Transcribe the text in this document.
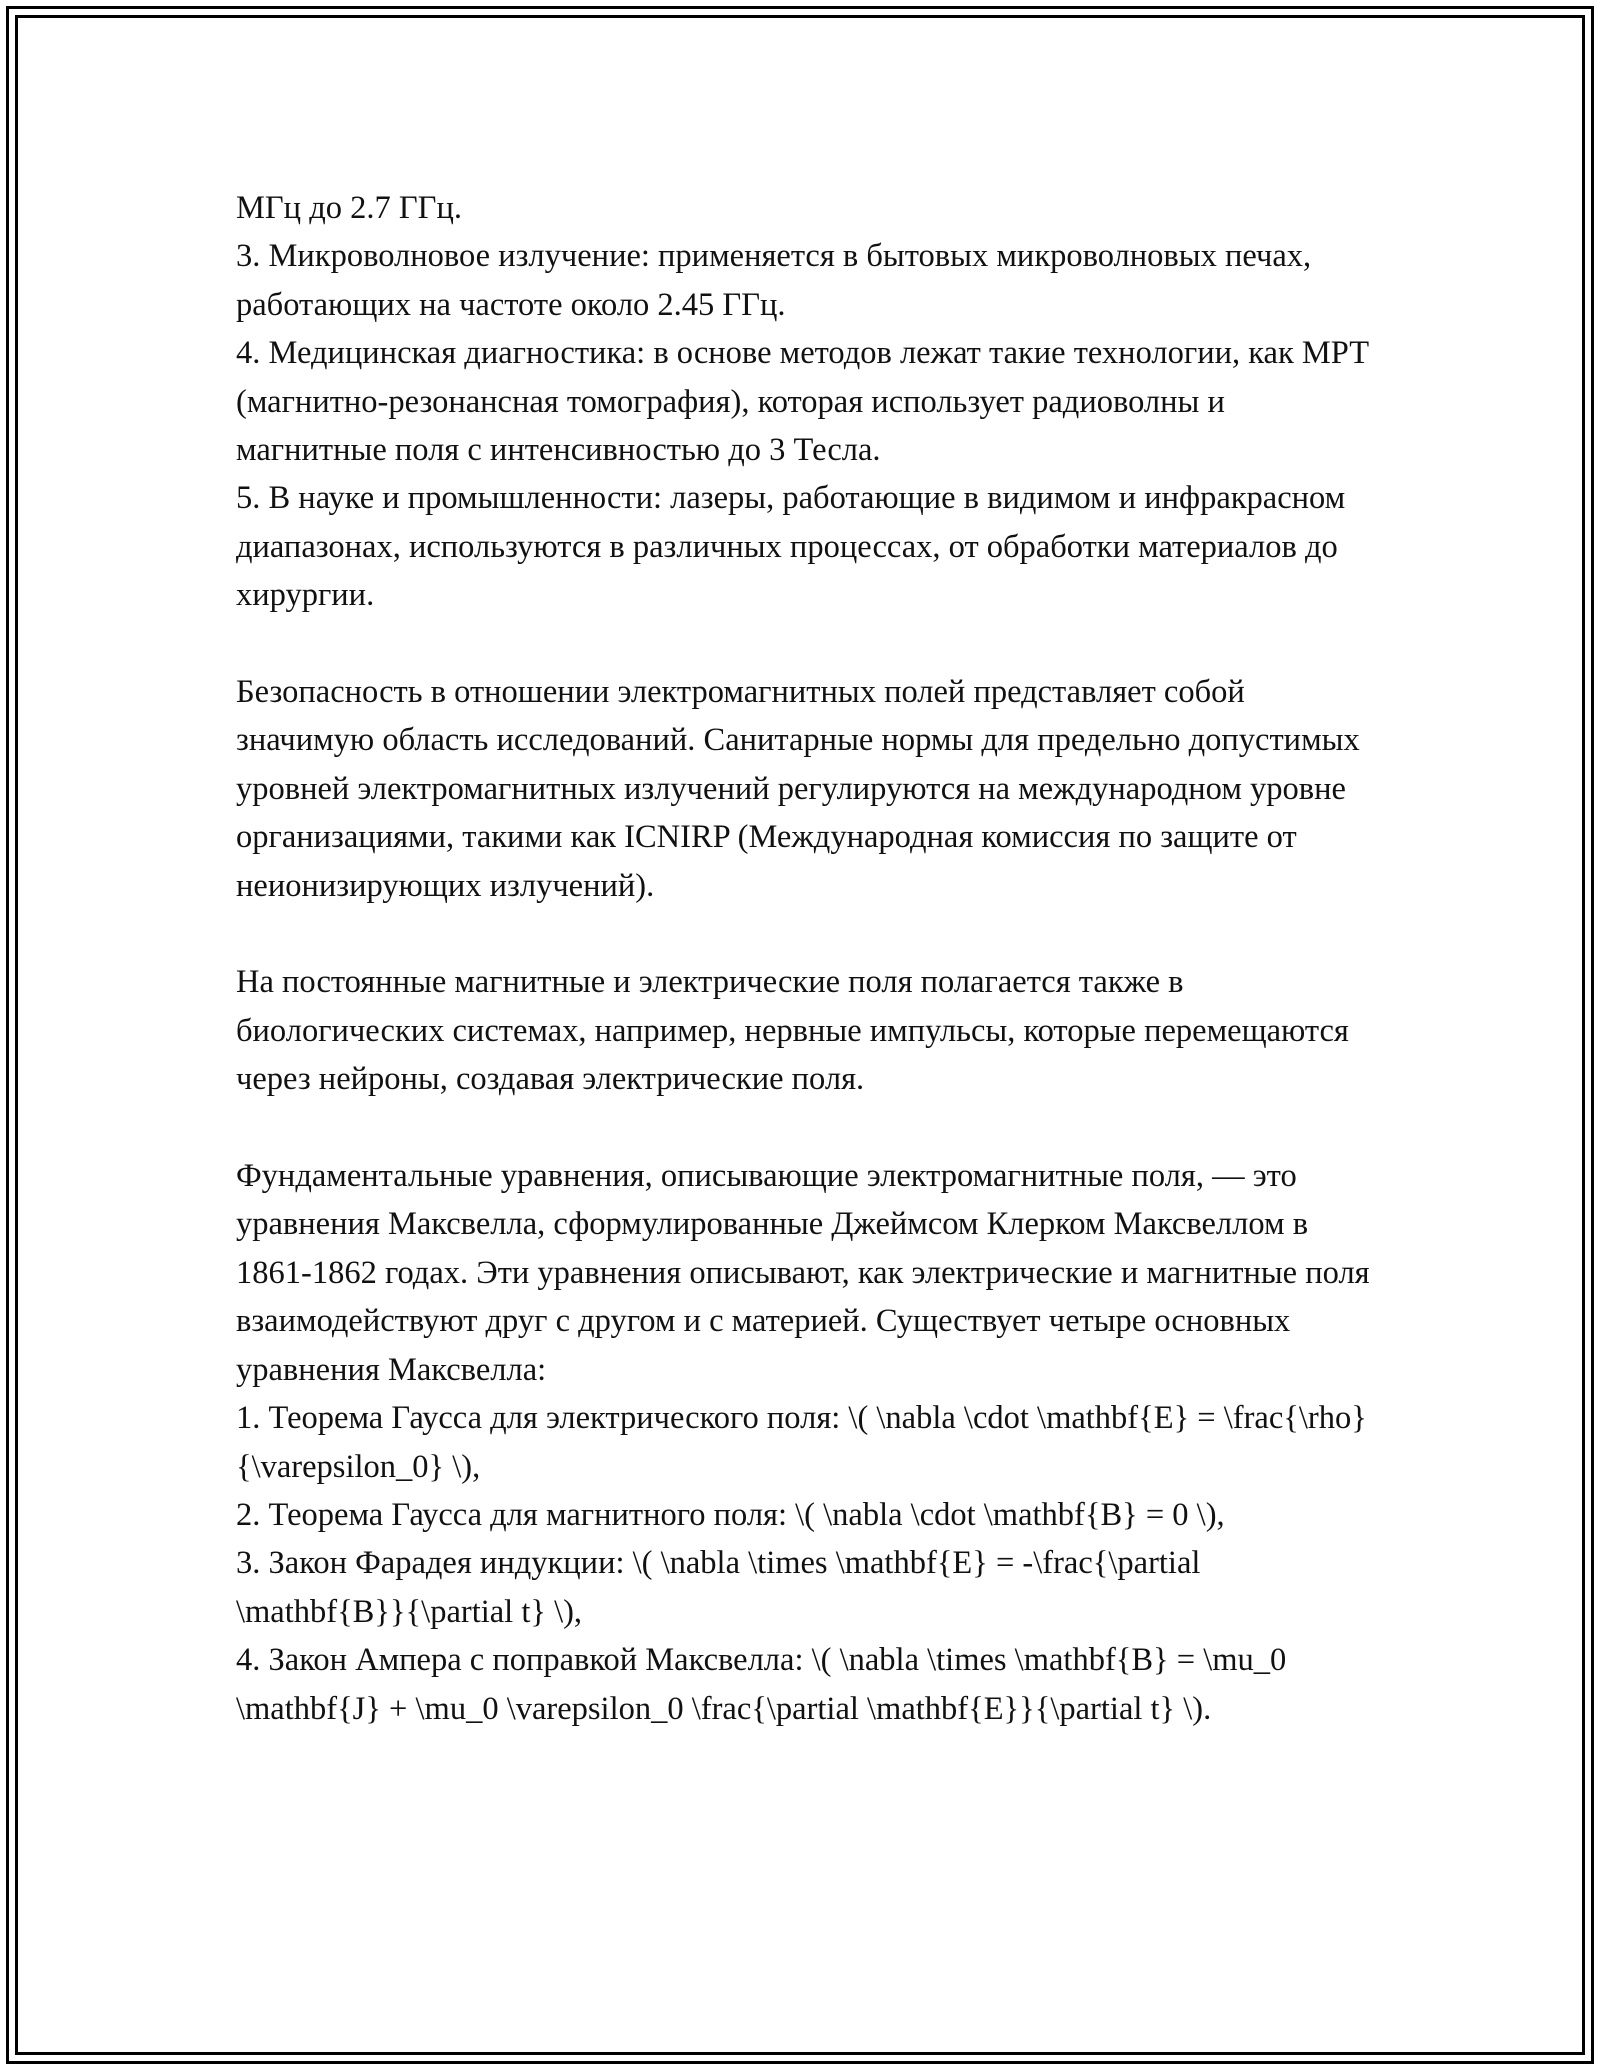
МГц до 2.7 ГГц.

3. Микроволновое излучение: применяется в бытовых микроволновых печах, работающих на частоте около 2.45 ГГц.

4. Медицинская диагностика: в основе методов лежат такие технологии, как МРТ (магнитно-резонансная томография), которая использует радиоволны и магнитные поля с интенсивностью до 3 Тесла.

5. В науке и промышленности: лазеры, работающие в видимом и инфракрасном диапазонах, используются в различных процессах, от обработки материалов до хирургии.

Безопасность в отношении электромагнитных полей представляет собой значимую область исследований. Санитарные нормы для предельно допустимых уровней электромагнитных излучений регулируются на международном уровне организациями, такими как ICNIRP (Международная комиссия по защите от неионизирующих излучений).

На постоянные магнитные и электрические поля полагается также в биологических системах, например, нервные импульсы, которые перемещаются через нейроны, создавая электрические поля.

Фундаментальные уравнения, описывающие электромагнитные поля, — это уравнения Максвелла, сформулированные Джеймсом Клерком Максвеллом в 1861-1862 годах. Эти уравнения описывают, как электрические и магнитные поля взаимодействуют друг с другом и с материей. Существует четыре основных уравнения Максвелла:

1. Теорема Гаусса для электрического поля: \( \nabla \cdot \mathbf{E} = \frac{\rho}{\varepsilon_0} \),

2. Теорема Гаусса для магнитного поля: \( \nabla \cdot \mathbf{B} = 0 \),

3. Закон Фарадея индукции: \( \nabla \times \mathbf{E} = -\frac{\partial \mathbf{B}}{\partial t} \),

4. Закон Ампера с поправкой Максвелла: \( \nabla \times \mathbf{B} = \mu_0 \mathbf{J} + \mu_0 \varepsilon_0 \frac{\partial \mathbf{E}}{\partial t} \).
